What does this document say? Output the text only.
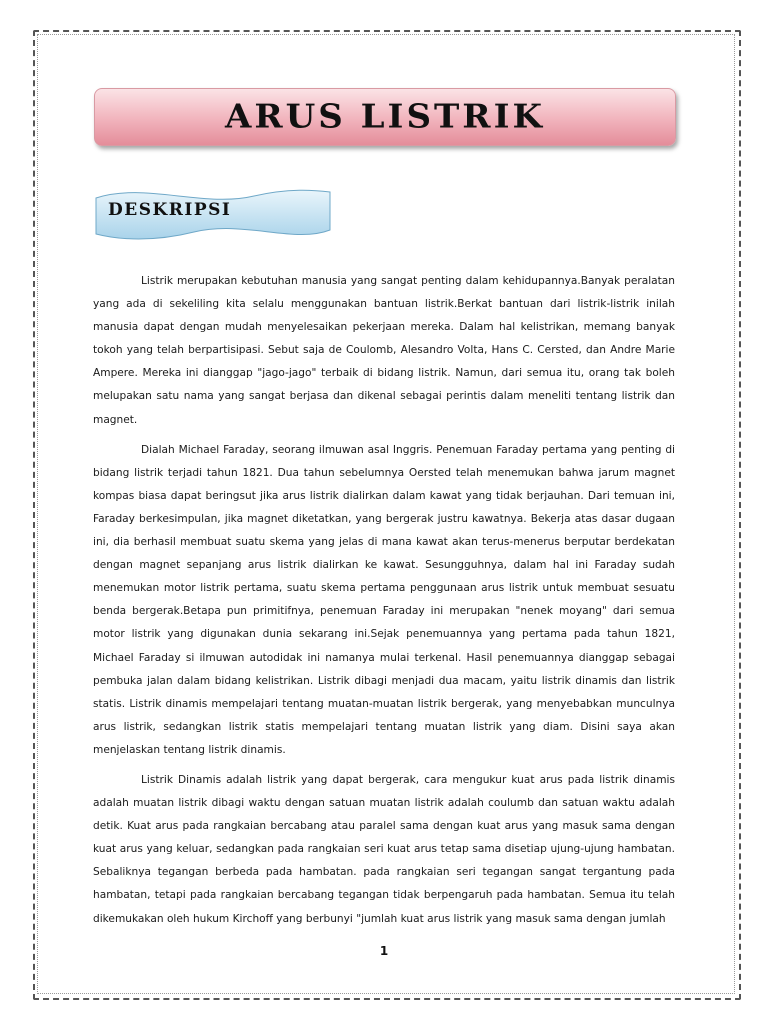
ARUS LISTRIK
DESKRIPSI

Listrik merupakan kebutuhan manusia yang sangat penting dalam kehidupannya.Banyak peralatan yang ada di sekeliling kita selalu menggunakan bantuan listrik.Berkat bantuan dari listrik-listrik inilah manusia dapat dengan mudah menyelesaikan pekerjaan mereka. Dalam hal kelistrikan, memang banyak tokoh yang telah berpartisipasi. Sebut saja de Coulomb, Alesandro Volta, Hans C. Cersted, dan Andre Marie Ampere. Mereka ini dianggap "jago-jago" terbaik di bidang listrik. Namun, dari semua itu, orang tak boleh melupakan satu nama yang sangat berjasa dan dikenal sebagai perintis dalam meneliti tentang listrik dan magnet.

Dialah Michael Faraday, seorang ilmuwan asal Inggris. Penemuan Faraday pertama yang penting di bidang listrik terjadi tahun 1821. Dua tahun sebelumnya Oersted telah menemukan bahwa jarum magnet kompas biasa dapat beringsut jika arus listrik dialirkan dalam kawat yang tidak berjauhan. Dari temuan ini, Faraday berkesimpulan, jika magnet diketatkan, yang bergerak justru kawatnya. Bekerja atas dasar dugaan ini, dia berhasil membuat suatu skema yang jelas di mana kawat akan terus-menerus berputar berdekatan dengan magnet sepanjang arus listrik dialirkan ke kawat. Sesungguhnya, dalam hal ini Faraday sudah menemukan motor listrik pertama, suatu skema pertama penggunaan arus listrik untuk membuat sesuatu benda bergerak.Betapa pun primitifnya, penemuan Faraday ini merupakan "nenek moyang" dari semua motor listrik yang digunakan dunia sekarang ini.Sejak penemuannya yang pertama pada tahun 1821, Michael Faraday si ilmuwan autodidak ini namanya mulai terkenal. Hasil penemuannya dianggap sebagai pembuka jalan dalam bidang kelistrikan. Listrik dibagi menjadi dua macam, yaitu listrik dinamis dan listrik statis. Listrik dinamis mempelajari tentang muatan-muatan listrik bergerak, yang menyebabkan munculnya arus listrik, sedangkan listrik statis mempelajari tentang muatan listrik yang diam. Disini saya akan menjelaskan tentang listrik dinamis.

Listrik Dinamis adalah listrik yang dapat bergerak, cara mengukur kuat arus pada listrik dinamis adalah muatan listrik dibagi waktu dengan satuan muatan listrik adalah coulumb dan satuan waktu adalah detik. Kuat arus pada rangkaian bercabang atau paralel sama dengan kuat arus yang masuk sama dengan kuat arus yang keluar, sedangkan pada rangkaian seri kuat arus tetap sama disetiap ujung-ujung hambatan. Sebaliknya tegangan berbeda pada hambatan. pada rangkaian seri tegangan sangat tergantung pada hambatan, tetapi pada rangkaian bercabang tegangan tidak berpengaruh pada hambatan. Semua itu telah dikemukakan oleh hukum Kirchoff yang berbunyi "jumlah kuat arus listrik yang masuk sama dengan jumlah

1
